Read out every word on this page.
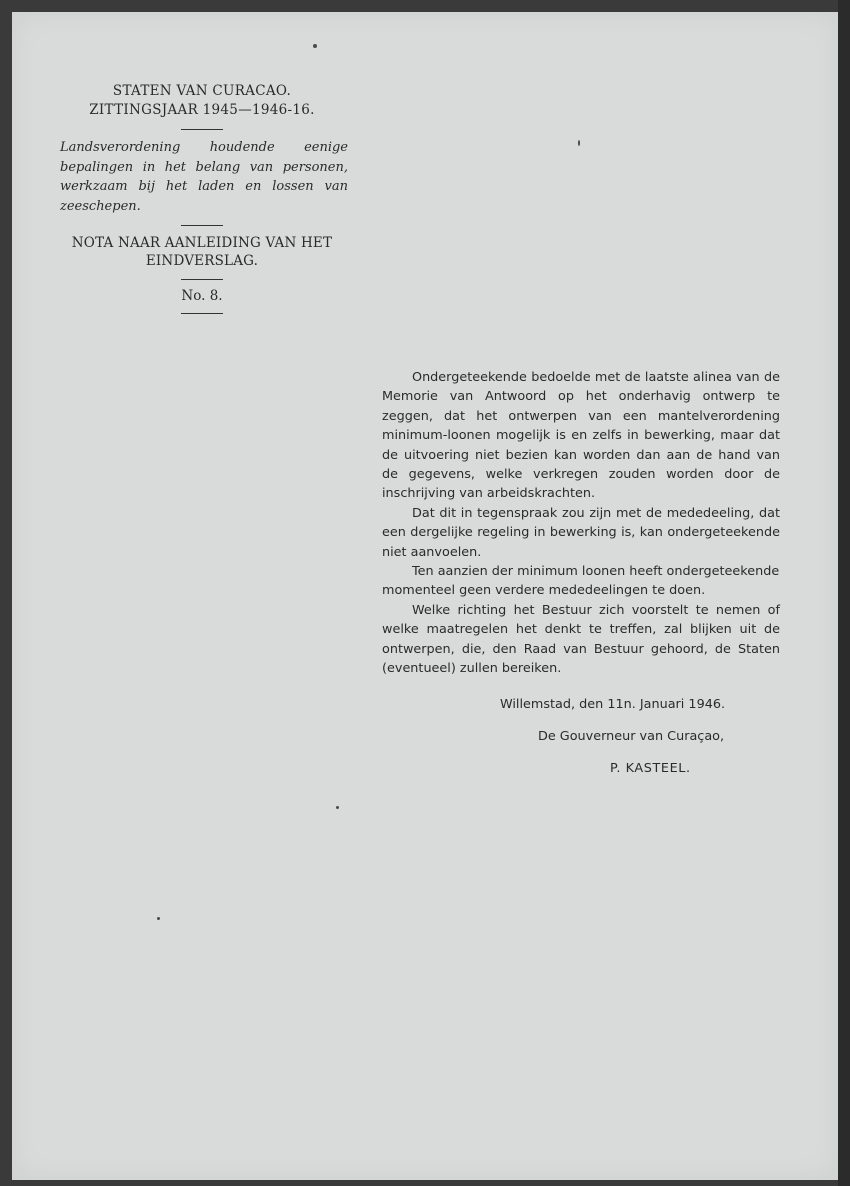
STATEN VAN CURACAO.
ZITTINGSJAAR 1945—1946-16.
Landsverordening houdende eenige bepalingen in het belang van personen, werkzaam bij het laden en lossen van zeeschepen.
NOTA NAAR AANLEIDING VAN HET EINDVERSLAG.
No. 8.

Ondergeteekende bedoelde met de laatste alinea van de Memorie van Antwoord op het onderhavig ontwerp te zeggen, dat het ontwerpen van een mantelverordening minimum-loonen mogelijk is en zelfs in bewerking, maar dat de uitvoering niet bezien kan worden dan aan de hand van de gegevens, welke verkregen zouden worden door de inschrijving van arbeidskrachten.

Dat dit in tegenspraak zou zijn met de mededeeling, dat een dergelijke regeling in bewerking is, kan ondergeteekende niet aanvoelen.

Ten aanzien der minimum loonen heeft ondergeteekende momenteel geen verdere mededeelingen te doen.

Welke richting het Bestuur zich voorstelt te nemen of welke maatregelen het denkt te treffen, zal blijken uit de ontwerpen, die, den Raad van Bestuur gehoord, de Staten (eventueel) zullen bereiken.

Willemstad, den 11n. Januari 1946.
De Gouverneur van Curaçao,
P. KASTEEL.
